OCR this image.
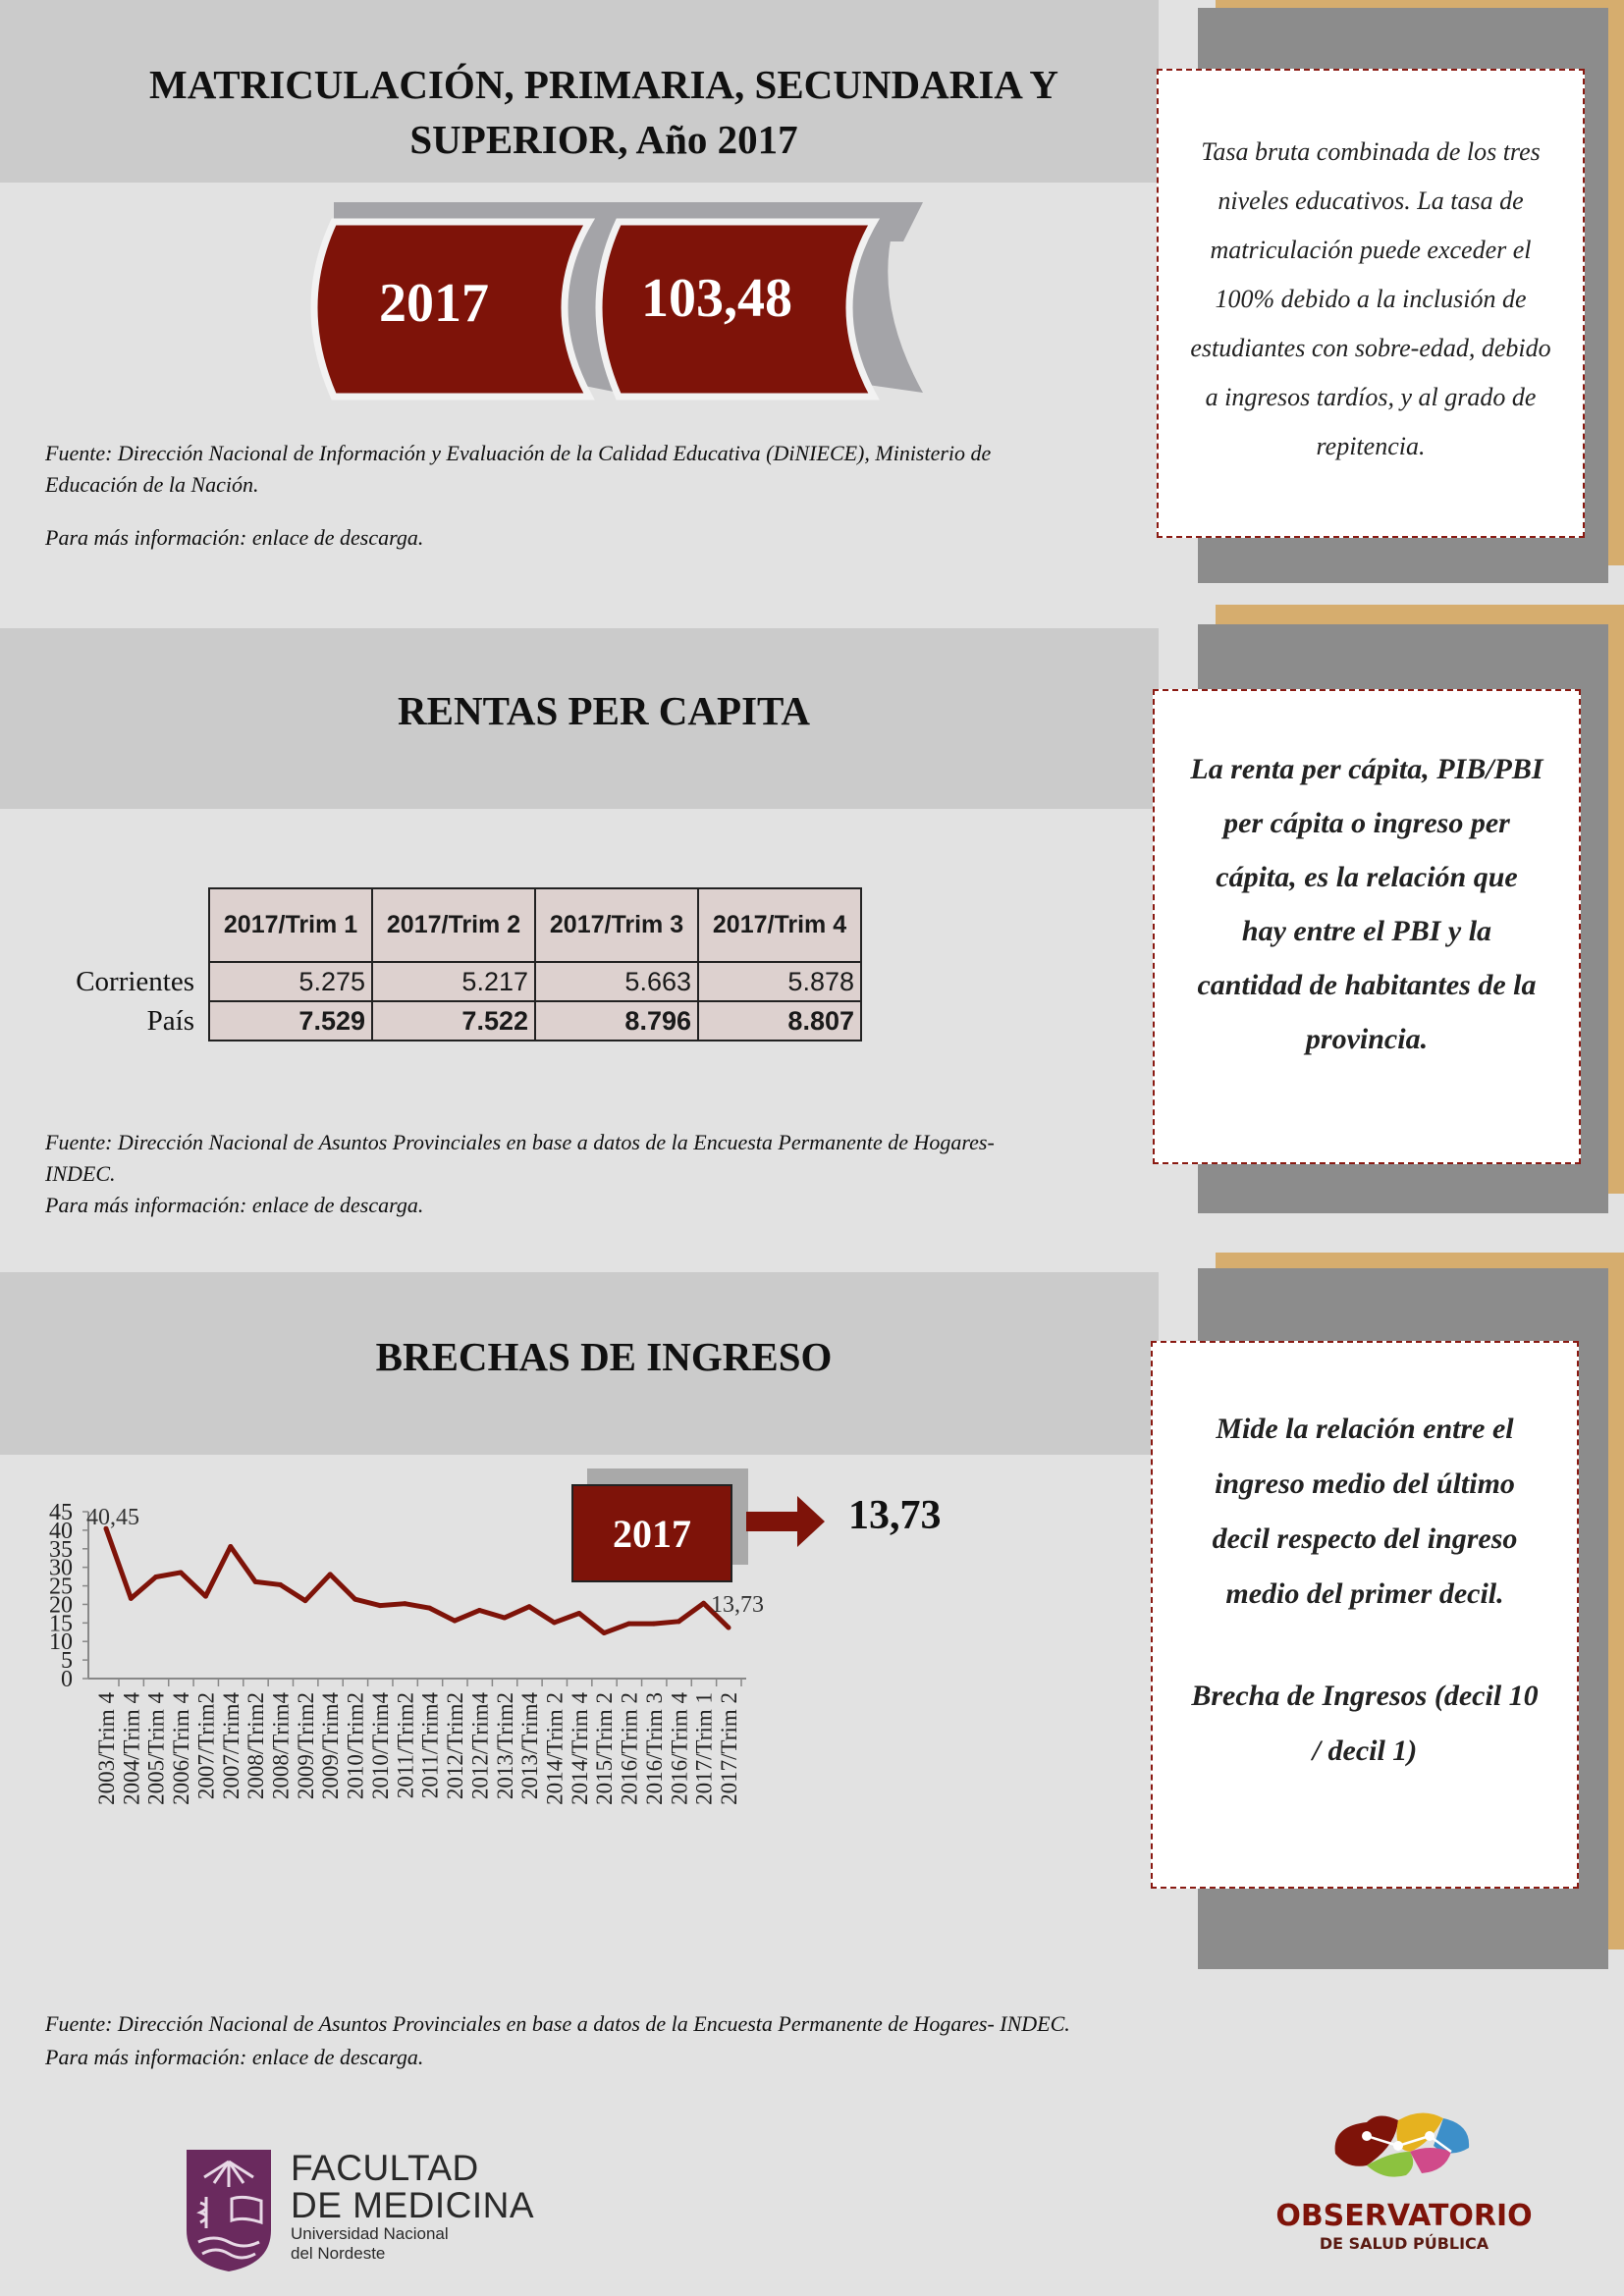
MATRICULACIÓN, PRIMARIA, SECUNDARIA Y
SUPERIOR, Año 2017
2017	103,48
Fuente: Dirección Nacional de Información y Evaluación de la Calidad Educativa (DiNIECE), Ministerio de
Educación de la Nación.
Para más información: enlace de descarga.

Tasa bruta combinada de los tres

niveles educativos. La tasa de

matriculación puede exceder el

100% debido a la inclusión de

estudiantes con sobre-edad, debido

a ingresos tardíos, y al grado de

repitencia.

RENTAS PER CAPITA
	2017/Trim 1	2017/Trim 2	2017/Trim 3	2017/Trim 4
Corrientes	5.275	5.217	5.663	5.878
País	7.529	7.522	8.796	8.807
Fuente: Dirección Nacional de Asuntos Provinciales en base a datos de la Encuesta Permanente de Hogares-
INDEC.
Para más información: enlace de descarga.

La renta per cápita, PIB/PBI

per cápita o ingreso per

cápita, es la relación que

hay entre el PBI y la

cantidad de habitantes de la

provincia.

BRECHAS DE INGRESO
2017	13,73
0
5
10
15
20
25
30
35
40
45
2003/Trim 4 2004/Trim 4 2005/Trim 4 2006/Trim 4 2007/Trim2 2007/Trim4 2008/Trim2 2008/Trim4 2009/Trim2 2009/Trim4 2010/Trim2 2010/Trim4 2011/Trim2 2011/Trim4 2012/Trim2 2012/Trim4 2013/Trim2 2013/Trim4 2014/Trim 2 2014/Trim 4 2015/Trim 2 2016/Trim 2 2016/Trim 3 2016/Trim 4 2017/Trim 1 2017/Trim 2
40,45
13,73
Fuente: Dirección Nacional de Asuntos Provinciales en base a datos de la Encuesta Permanente de Hogares- INDEC.
Para más información: enlace de descarga.

Mide la relación entre el

ingreso medio del último

decil respecto del ingreso

medio del primer decil.

Brecha de Ingresos (decil 10

/ decil 1)

FACULTAD
DE MEDICINA
Universidad Nacional
del Nordeste
OBSERVATORIO
DE SALUD PÚBLICA
